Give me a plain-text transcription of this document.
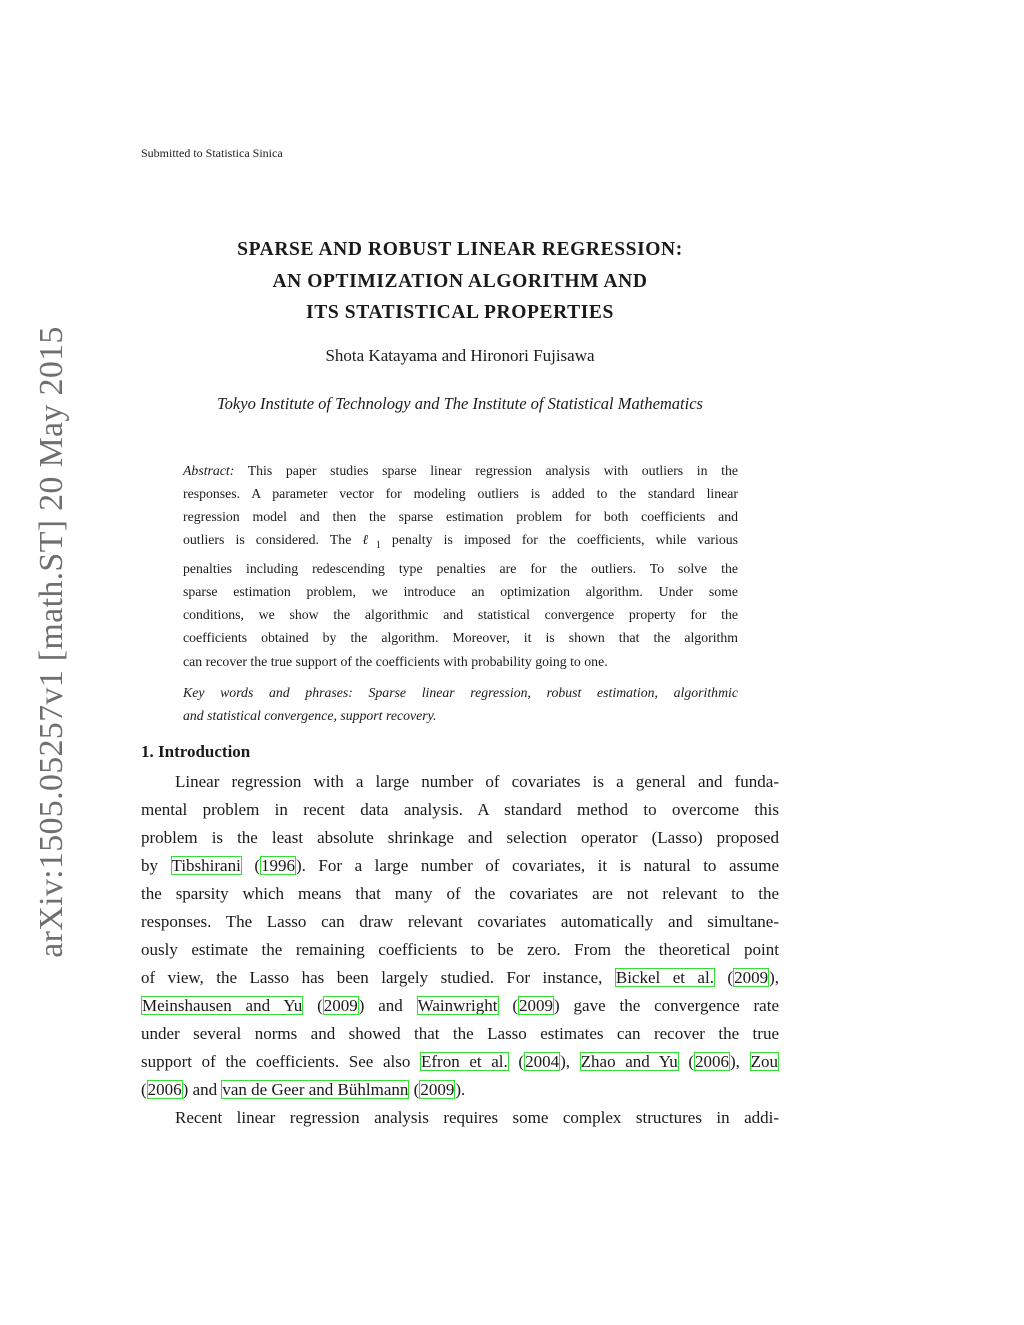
Submitted to Statistica Sinica
arXiv:1505.05257v1 [math.ST] 20 May 2015
SPARSE AND ROBUST LINEAR REGRESSION:
AN OPTIMIZATION ALGORITHM AND
ITS STATISTICAL PROPERTIES
Shota Katayama and Hironori Fujisawa
Tokyo Institute of Technology and The Institute of Statistical Mathematics
Abstract: This paper studies sparse linear regression analysis with outliers in the
responses. A parameter vector for modeling outliers is added to the standard linear
regression model and then the sparse estimation problem for both coefficients and
outliers is considered. The ℓ$_1$ penalty is imposed for the coefficients, while various
penalties including redescending type penalties are for the outliers. To solve the
sparse estimation problem, we introduce an optimization algorithm. Under some
conditions, we show the algorithmic and statistical convergence property for the
coefficients obtained by the algorithm. Moreover, it is shown that the algorithm
can recover the true support of the coefficients with probability going to one.
Key words and phrases: Sparse linear regression, robust estimation, algorithmic
and statistical convergence, support recovery.
1. Introduction
Linear regression with a large number of covariates is a general and funda-
mental problem in recent data analysis. A standard method to overcome this
problem is the least absolute shrinkage and selection operator (Lasso) proposed
by Tibshirani (1996). For a large number of covariates, it is natural to assume
the sparsity which means that many of the covariates are not relevant to the
responses. The Lasso can draw relevant covariates automatically and simultane-
ously estimate the remaining coefficients to be zero. From the theoretical point
of view, the Lasso has been largely studied. For instance, Bickel et al. (2009),
Meinshausen and Yu (2009) and Wainwright (2009) gave the convergence rate
under several norms and showed that the Lasso estimates can recover the true
support of the coefficients. See also Efron et al. (2004), Zhao and Yu (2006), Zou
(2006) and van de Geer and Bühlmann (2009).
Recent linear regression analysis requires some complex structures in addi-
